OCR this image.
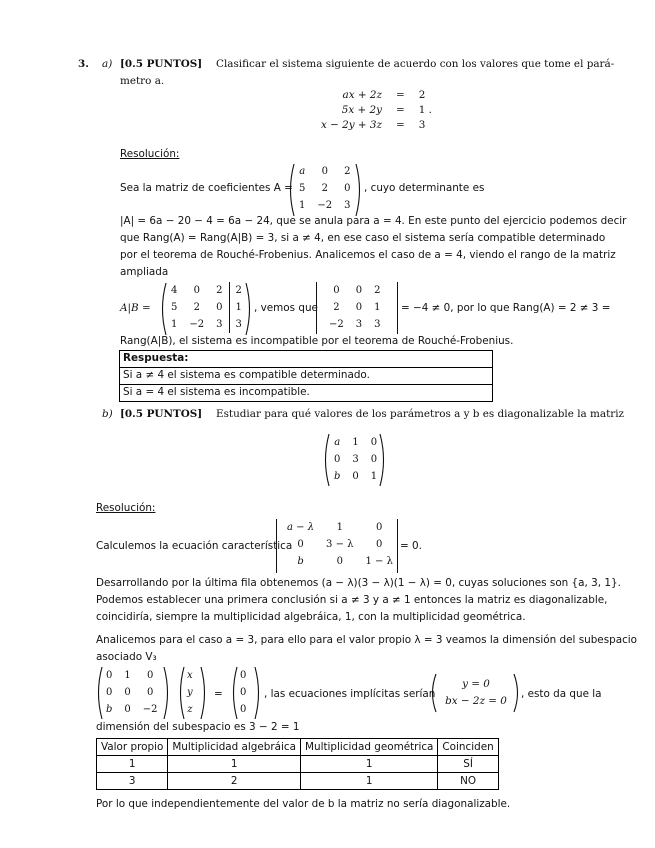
3. a) [0.5 PUNTOS] Clasificar el sistema siguiente de acuerdo con los valores que tome el pará-
metro a.
ax + 2z	=	2
5x + 2y	=	1 .
x − 2y + 3z	=	3
Resolución:
Sea la matriz de coeficientes A =
a	0	2
5	2	0
1	−2	3
, cuyo determinante es
|A| = 6a − 20 − 4 = 6a − 24, que se anula para a = 4. En este punto del ejercicio podemos decir
que Rang(A) = Rang(A|B) = 3, si a ≠ 4, en ese caso el sistema sería compatible determinado
por el teorema de Rouché-Frobenius. Analicemos el caso de a = 4, viendo el rango de la matriz
ampliada
A|B =
4	0	2	2
5	2	0	1
1	−2	3	3
, vemos que
0	0	2
2	0	1
−2	3	3
= −4 ≠ 0, por lo que Rang(A) = 2 ≠ 3 =
Rang(A|B), el sistema es incompatible por el teorema de Rouché-Frobenius.
Respuesta:
Si a ≠ 4 el sistema es compatible determinado.
Si a = 4 el sistema es incompatible.
b) [0.5 PUNTOS] Estudiar para qué valores de los parámetros a y b es diagonalizable la matriz
a	1	0
0	3	0
b	0	1
Resolución:
Calculemos la ecuación característica
a − λ	1	0
0	3 − λ	0
b	0	1 − λ
= 0.
Desarrollando por la última fila obtenemos (a − λ)(3 − λ)(1 − λ) = 0, cuyas soluciones son {a, 3, 1}.
Podemos establecer una primera conclusión si a ≠ 3 y a ≠ 1 entonces la matriz es diagonalizable,
coincidiría, siempre la multiplicidad algebráica, 1, con la multiplicidad geométrica.
Analicemos para el caso a = 3, para ello para el valor propio λ = 3 veamos la dimensión del subespacio
asociado V₃
0	1	0
0	0	0
b	0	−2
x
y
z
=
0
0
0
, las ecuaciones implícitas serían
y = 0
bx − 2z = 0
, esto da que la
dimensión del subespacio es 3 − 2 = 1
Valor propio	Multiplicidad algebráica	Multiplicidad geométrica	Coinciden
1	1	1	SÍ
3	2	1	NO
Por lo que independientemente del valor de b la matriz no sería diagonalizable.
